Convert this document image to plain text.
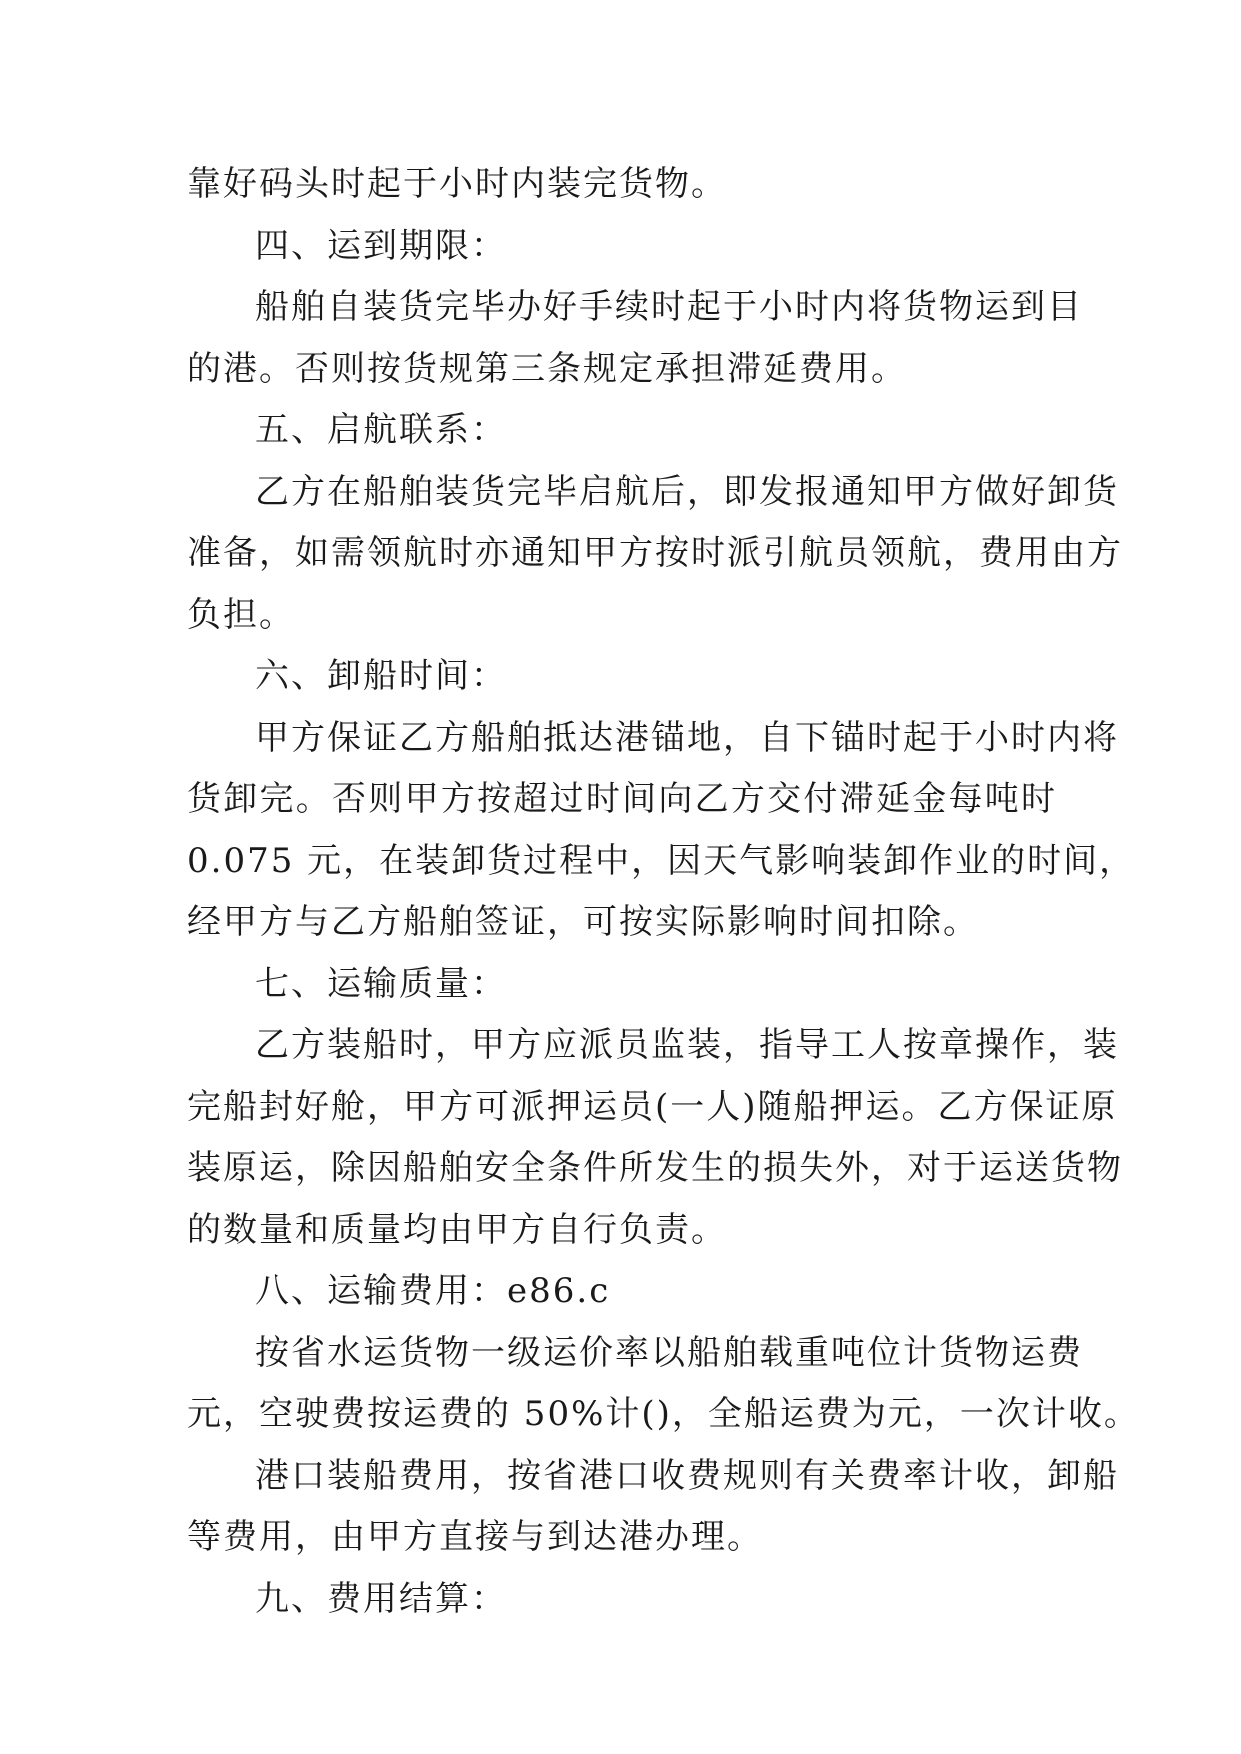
靠好码头时起于小时内装完货物。
四、运到期限：
船舶自装货完毕办好手续时起于小时内将货物运到目
的港。否则按货规第三条规定承担滞延费用。
五、启航联系：
乙方在船舶装货完毕启航后，即发报通知甲方做好卸货
准备，如需领航时亦通知甲方按时派引航员领航，费用由方
负担。
六、卸船时间：
甲方保证乙方船舶抵达港锚地，自下锚时起于小时内将
货卸完。否则甲方按超过时间向乙方交付滞延金每吨时
0.075 元，在装卸货过程中，因天气影响装卸作业的时间，
经甲方与乙方船舶签证，可按实际影响时间扣除。
七、运输质量：
乙方装船时，甲方应派员监装，指导工人按章操作，装
完船封好舱，甲方可派押运员(一人)随船押运。乙方保证原
装原运，除因船舶安全条件所发生的损失外，对于运送货物
的数量和质量均由甲方自行负责。
八、运输费用：e86.c
按省水运货物一级运价率以船舶载重吨位计货物运费
元，空驶费按运费的 50%计()，全船运费为元，一次计收。
港口装船费用，按省港口收费规则有关费率计收，卸船
等费用，由甲方直接与到达港办理。
九、费用结算：
